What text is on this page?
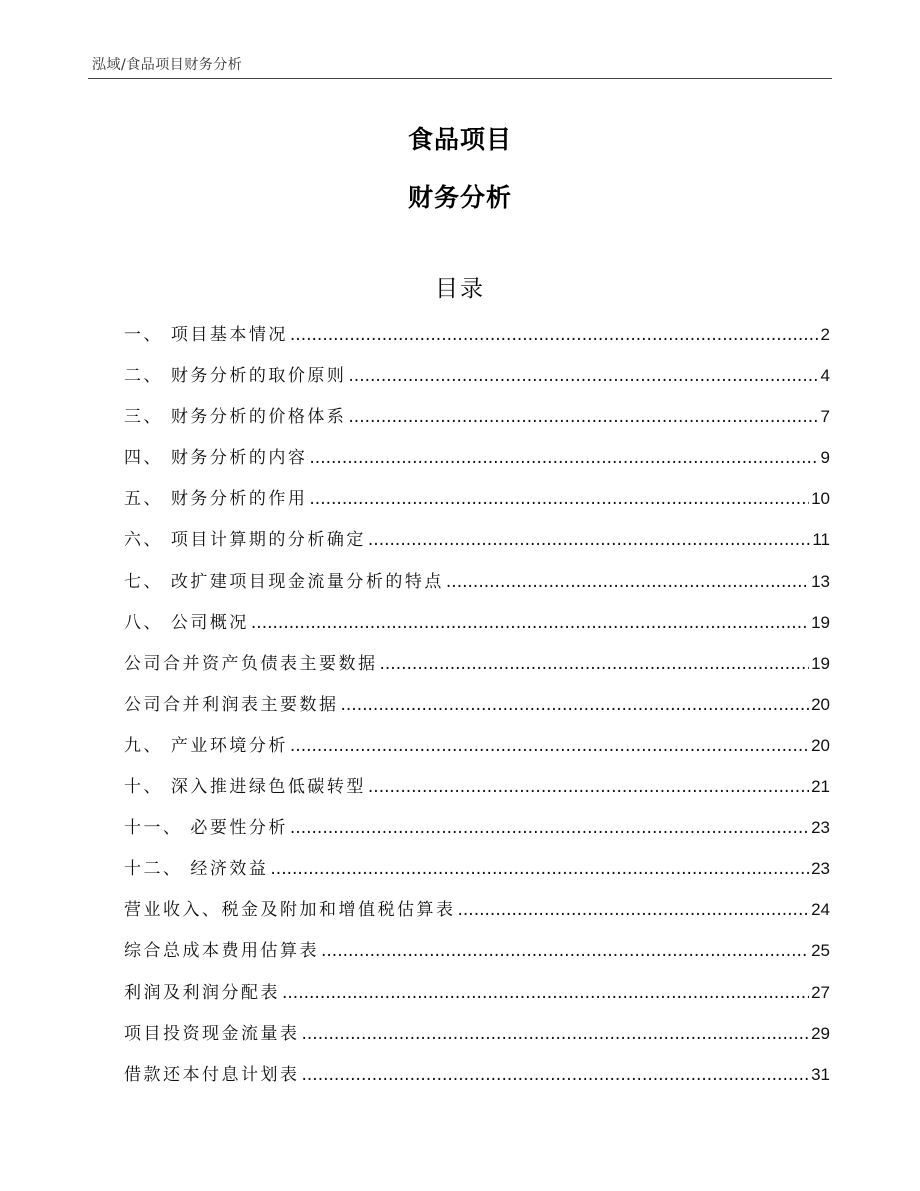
泓域/食品项目财务分析
食品项目
财务分析
目录
一、 项目基本情况 .....	2
二、 财务分析的取价原则 .....	4
三、 财务分析的价格体系 .....	7
四、 财务分析的内容 .....	9
五、 财务分析的作用 .....	10
六、 项目计算期的分析确定 .....	11
七、 改扩建项目现金流量分析的特点 .....	13
八、 公司概况 .....	19
公司合并资产负债表主要数据 .....	19
公司合并利润表主要数据 .....	20
九、 产业环境分析 .....	20
十、 深入推进绿色低碳转型 .....	21
十一、 必要性分析 .....	23
十二、 经济效益 .....	23
营业收入、税金及附加和增值税估算表 .....	24
综合总成本费用估算表 .....	25
利润及利润分配表 .....	27
项目投资现金流量表 .....	29
借款还本付息计划表 .....	31
